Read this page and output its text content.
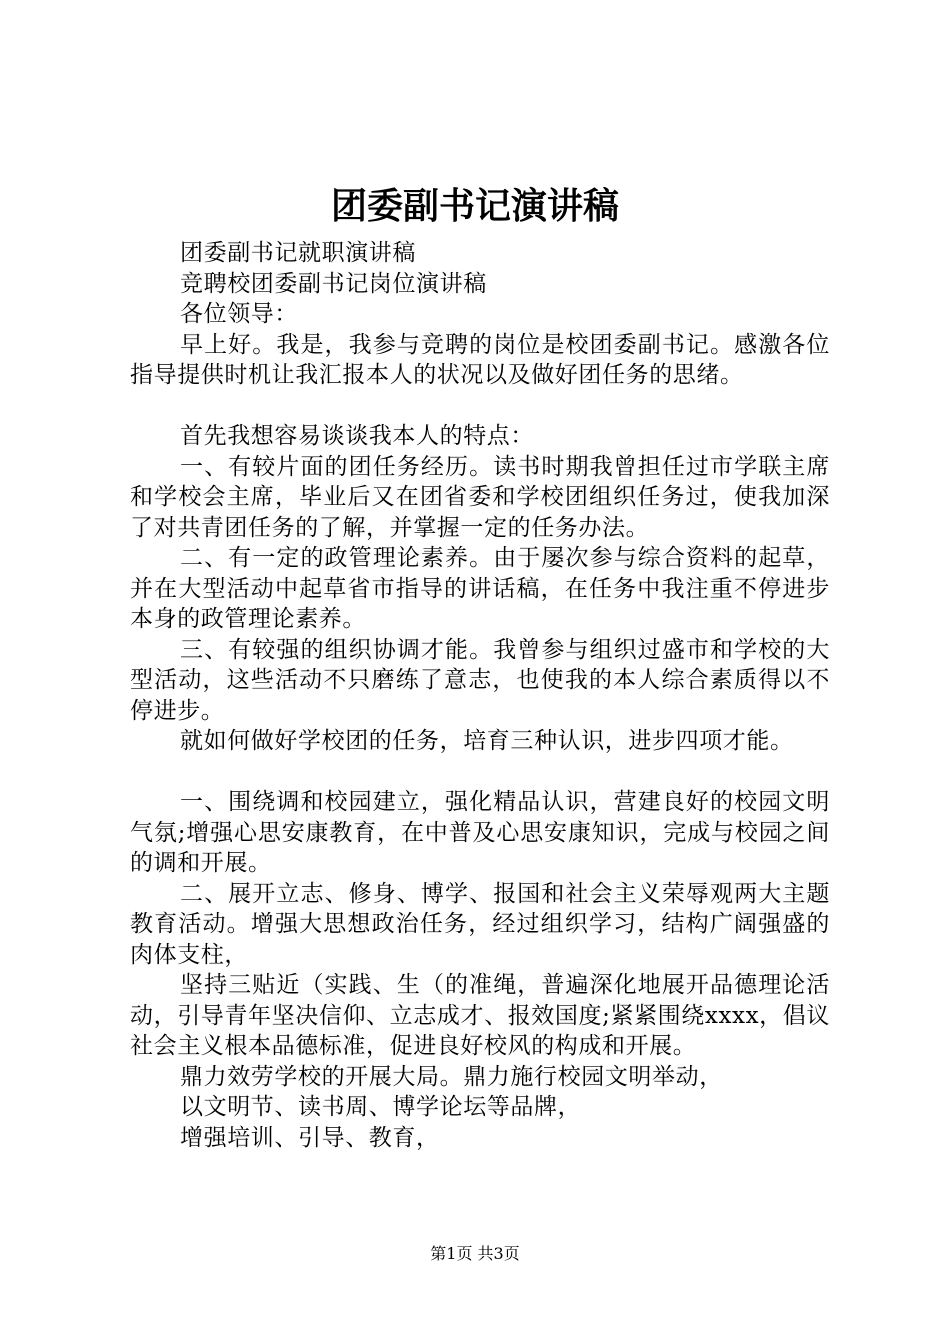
团委副书记演讲稿

团委副书记就职演讲稿

竞聘校团委副书记岗位演讲稿

各位领导：

早上好。我是，我参与竞聘的岗位是校团委副书记。感激各位指导提供时机让我汇报本人的状况以及做好团任务的思绪。

首先我想容易谈谈我本人的特点：

一、有较片面的团任务经历。读书时期我曾担任过市学联主席和学校会主席，毕业后又在团省委和学校团组织任务过，使我加深了对共青团任务的了解，并掌握一定的任务办法。

二、有一定的政管理论素养。由于屡次参与综合资料的起草，并在大型活动中起草省市指导的讲话稿，在任务中我注重不停进步本身的政管理论素养。

三、有较强的组织协调才能。我曾参与组织过盛市和学校的大型活动，这些活动不只磨练了意志，也使我的本人综合素质得以不停进步。

就如何做好学校团的任务，培育三种认识，进步四项才能。

一、围绕调和校园建立，强化精品认识，营建良好的校园文明气氛;增强心思安康教育，在中普及心思安康知识，完成与校园之间的调和开展。

二、展开立志、修身、博学、报国和社会主义荣辱观两大主题教育活动。增强大思想政治任务，经过组织学习，结构广阔强盛的肉体支柱，

坚持三贴近（实践、生（的准绳，普遍深化地展开品德理论活动，引导青年坚决信仰、立志成才、报效国度;紧紧围绕xxxx，倡议社会主义根本品德标准，促进良好校风的构成和开展。

鼎力效劳学校的开展大局。鼎力施行校园文明举动，

以文明节、读书周、博学论坛等品牌，

增强培训、引导、教育，

第1页 共3页
